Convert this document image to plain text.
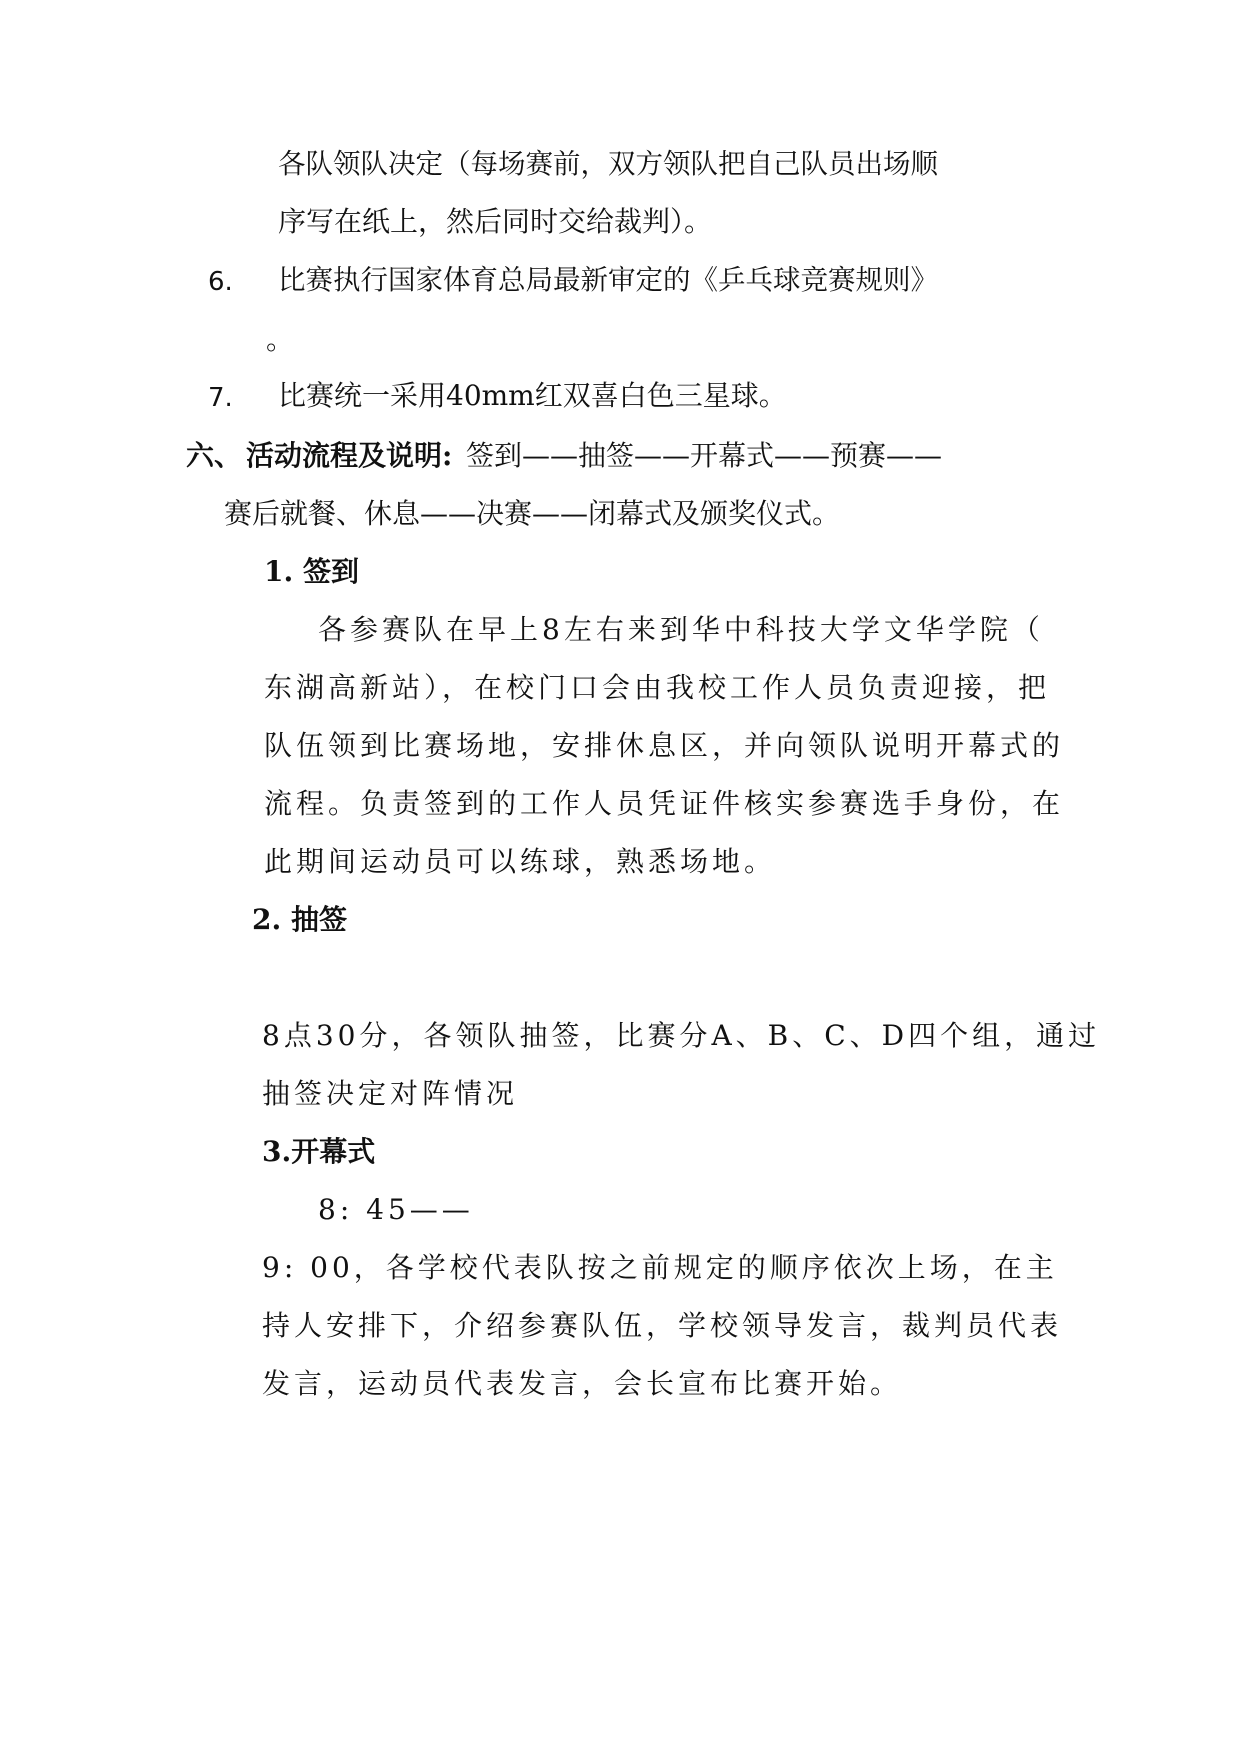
各队领队决定（每场赛前，双方领队把自己队员出场顺

序写在纸上，然后同时交给裁判）。

6. 比赛执行国家体育总局最新审定的《乒乓球竞赛规则》

。

7. 比赛统一采用40mm红双喜白色三星球。

六、 活动流程及说明: 签到——抽签——开幕式——预赛——

赛后就餐、休息——决赛——闭幕式及颁奖仪式。

1. 签到

各参赛队在早上8左右来到华中科技大学文华学院（

东湖高新站），在校门口会由我校工作人员负责迎接，把

队伍领到比赛场地，安排休息区，并向领队说明开幕式的

流程。负责签到的工作人员凭证件核实参赛选手身份，在

此期间运动员可以练球，熟悉场地。

2. 抽签

8点30分，各领队抽签，比赛分A、B、C、D四个组，通过

抽签决定对阵情况

3.开幕式

8: 45——

9: 00，各学校代表队按之前规定的顺序依次上场，在主

持人安排下，介绍参赛队伍，学校领导发言，裁判员代表

发言，运动员代表发言，会长宣布比赛开始。
